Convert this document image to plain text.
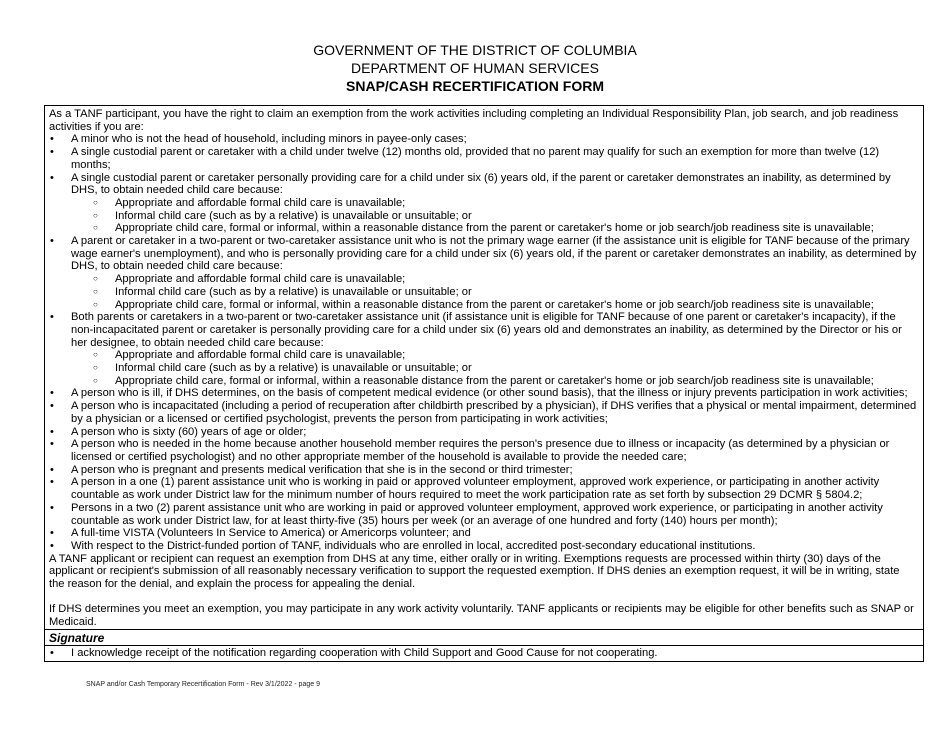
GOVERNMENT OF THE DISTRICT OF COLUMBIA
DEPARTMENT OF HUMAN SERVICES
SNAP/CASH RECERTIFICATION FORM

As a TANF participant, you have the right to claim an exemption from the work activities including completing an Individual Responsibility Plan, job search, and job readiness activities if you are:

• A minor who is not the head of household, including minors in payee-only cases;
• A single custodial parent or caretaker with a child under twelve (12) months old, provided that no parent may qualify for such an exemption for more than twelve (12) months;
• A single custodial parent or caretaker personally providing care for a child under six (6) years old, if the parent or caretaker demonstrates an inability, as determined by DHS, to obtain needed child care because:
○ Appropriate and affordable formal child care is unavailable;
○ Informal child care (such as by a relative) is unavailable or unsuitable; or
○ Appropriate child care, formal or informal, within a reasonable distance from the parent or caretaker's home or job search/job readiness site is unavailable;
• A parent or caretaker in a two-parent or two-caretaker assistance unit who is not the primary wage earner (if the assistance unit is eligible for TANF because of the primary wage earner's unemployment), and who is personally providing care for a child under six (6) years old, if the parent or caretaker demonstrates an inability, as determined by DHS, to obtain needed child care because:
○ Appropriate and affordable formal child care is unavailable;
○ Informal child care (such as by a relative) is unavailable or unsuitable; or
○ Appropriate child care, formal or informal, within a reasonable distance from the parent or caretaker's home or job search/job readiness site is unavailable;
• Both parents or caretakers in a two-parent or two-caretaker assistance unit (if assistance unit is eligible for TANF because of one parent or caretaker's incapacity), if the non-incapacitated parent or caretaker is personally providing care for a child under six (6) years old and demonstrates an inability, as determined by the Director or his or her designee, to obtain needed child care because:
○ Appropriate and affordable formal child care is unavailable;
○ Informal child care (such as by a relative) is unavailable or unsuitable; or
○ Appropriate child care, formal or informal, within a reasonable distance from the parent or caretaker's home or job search/job readiness site is unavailable;
• A person who is ill, if DHS determines, on the basis of competent medical evidence (or other sound basis), that the illness or injury prevents participation in work activities;
• A person who is incapacitated (including a period of recuperation after childbirth prescribed by a physician), if DHS verifies that a physical or mental impairment, determined by a physician or a licensed or certified psychologist, prevents the person from participating in work activities;
• A person who is sixty (60) years of age or older;
• A person who is needed in the home because another household member requires the person's presence due to illness or incapacity (as determined by a physician or licensed or certified psychologist) and no other appropriate member of the household is available to provide the needed care;
• A person who is pregnant and presents medical verification that she is in the second or third trimester;
• A person in a one (1) parent assistance unit who is working in paid or approved volunteer employment, approved work experience, or participating in another activity countable as work under District law for the minimum number of hours required to meet the work participation rate as set forth by subsection 29 DCMR § 5804.2;
• Persons in a two (2) parent assistance unit who are working in paid or approved volunteer employment, approved work experience, or participating in another activity countable as work under District law, for at least thirty-five (35) hours per week (or an average of one hundred and forty (140) hours per month);
• A full-time VISTA (Volunteers In Service to America) or Americorps volunteer; and
• With respect to the District-funded portion of TANF, individuals who are enrolled in local, accredited post-secondary educational institutions.

A TANF applicant or recipient can request an exemption from DHS at any time, either orally or in writing. Exemptions requests are processed within thirty (30) days of the applicant or recipient's submission of all reasonably necessary verification to support the requested exemption. If DHS denies an exemption request, it will be in writing, state the reason for the denial, and explain the process for appealing the denial.

If DHS determines you meet an exemption, you may participate in any work activity voluntarily. TANF applicants or recipients may be eligible for other benefits such as SNAP or Medicaid.

Signature
• I acknowledge receipt of the notification regarding cooperation with Child Support and Good Cause for not cooperating.
SNAP and/or Cash Temporary Recertification Form - Rev 3/1/2022 - page 9
